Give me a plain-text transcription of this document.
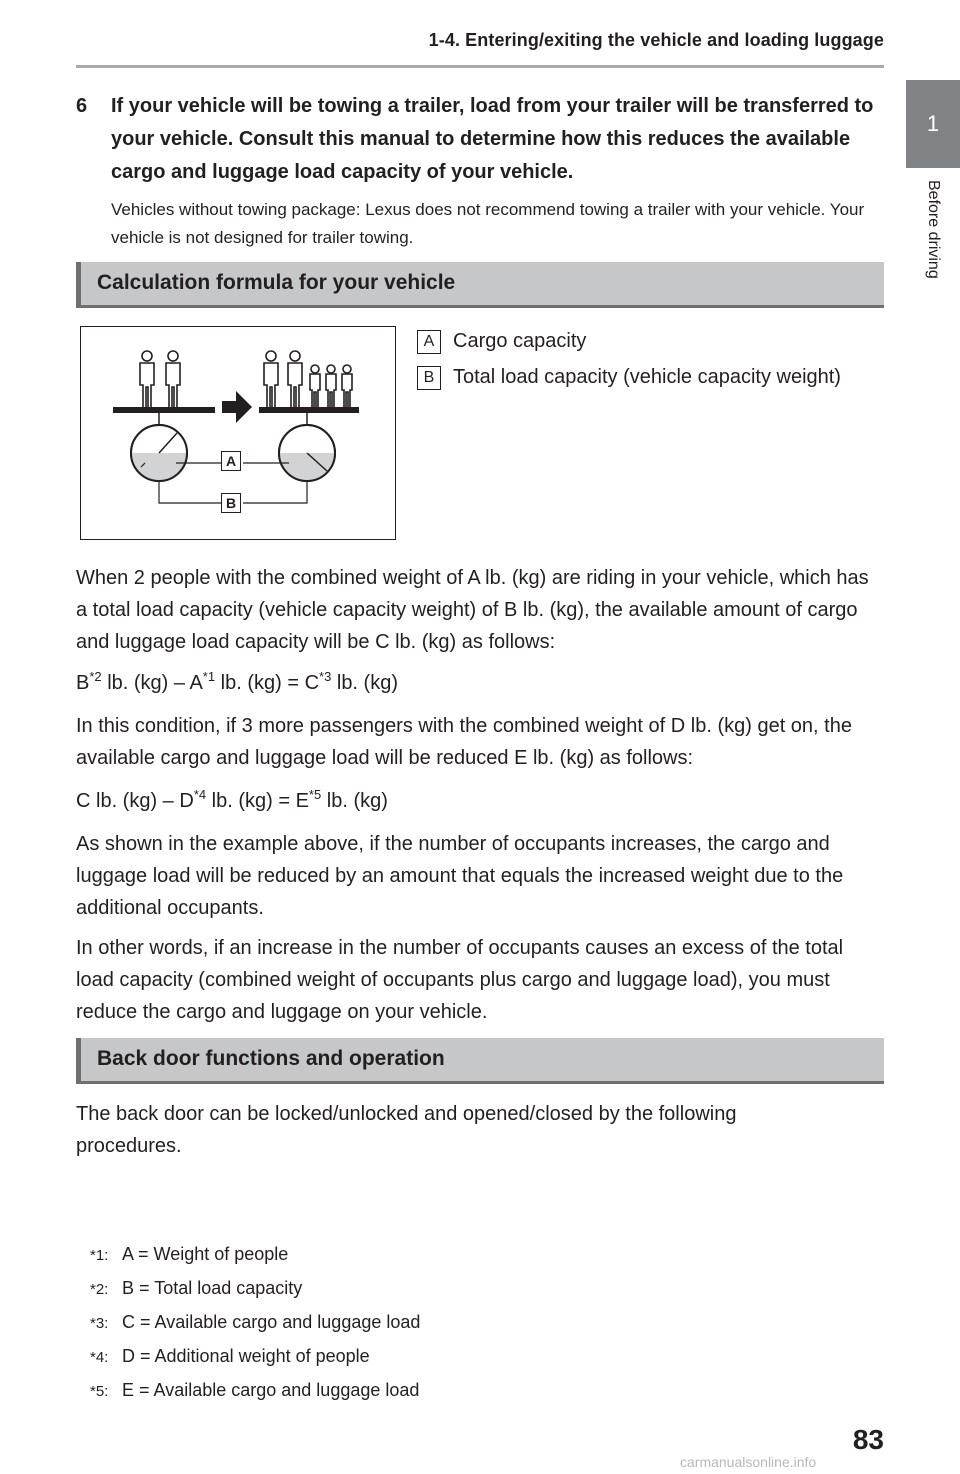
1-4. Entering/exiting the vehicle and loading luggage
1
Before driving
6 If your vehicle will be towing a trailer, load from your trailer will be transferred to your vehicle. Consult this manual to determine how this reduces the available cargo and luggage load capacity of your vehicle.
Vehicles without towing package: Lexus does not recommend towing a trailer with your vehicle. Your vehicle is not designed for trailer towing.
Calculation formula for your vehicle
A
B
A Cargo capacity
B Total load capacity (vehicle capacity weight)
When 2 people with the combined weight of A lb. (kg) are riding in your vehicle, which has a total load capacity (vehicle capacity weight) of B lb. (kg), the available amount of cargo and luggage load capacity will be C lb. (kg) as follows:
$B^{*2}$ lb. $(kg) - A^{*1}$ lb. $(kg) = C^{*3}$ lb. (kg)
In this condition, if 3 more passengers with the combined weight of D lb. (kg) get on, the available cargo and luggage load will be reduced E lb. (kg) as follows:
C lb. $(kg) - D^{*4}$ lb. $(kg) = E^{*5}$ lb. (kg)
As shown in the example above, if the number of occupants increases, the cargo and luggage load will be reduced by an amount that equals the increased weight due to the additional occupants.
In other words, if an increase in the number of occupants causes an excess of the total load capacity (combined weight of occupants plus cargo and luggage load), you must reduce the cargo and luggage on your vehicle.
Back door functions and operation
The back door can be locked/unlocked and opened/closed by the following procedures.
*1: A = Weight of people
*2: B = Total load capacity
*3: C = Available cargo and luggage load
*4: D = Additional weight of people
*5: E = Available cargo and luggage load
83
carmanualsonline.info
